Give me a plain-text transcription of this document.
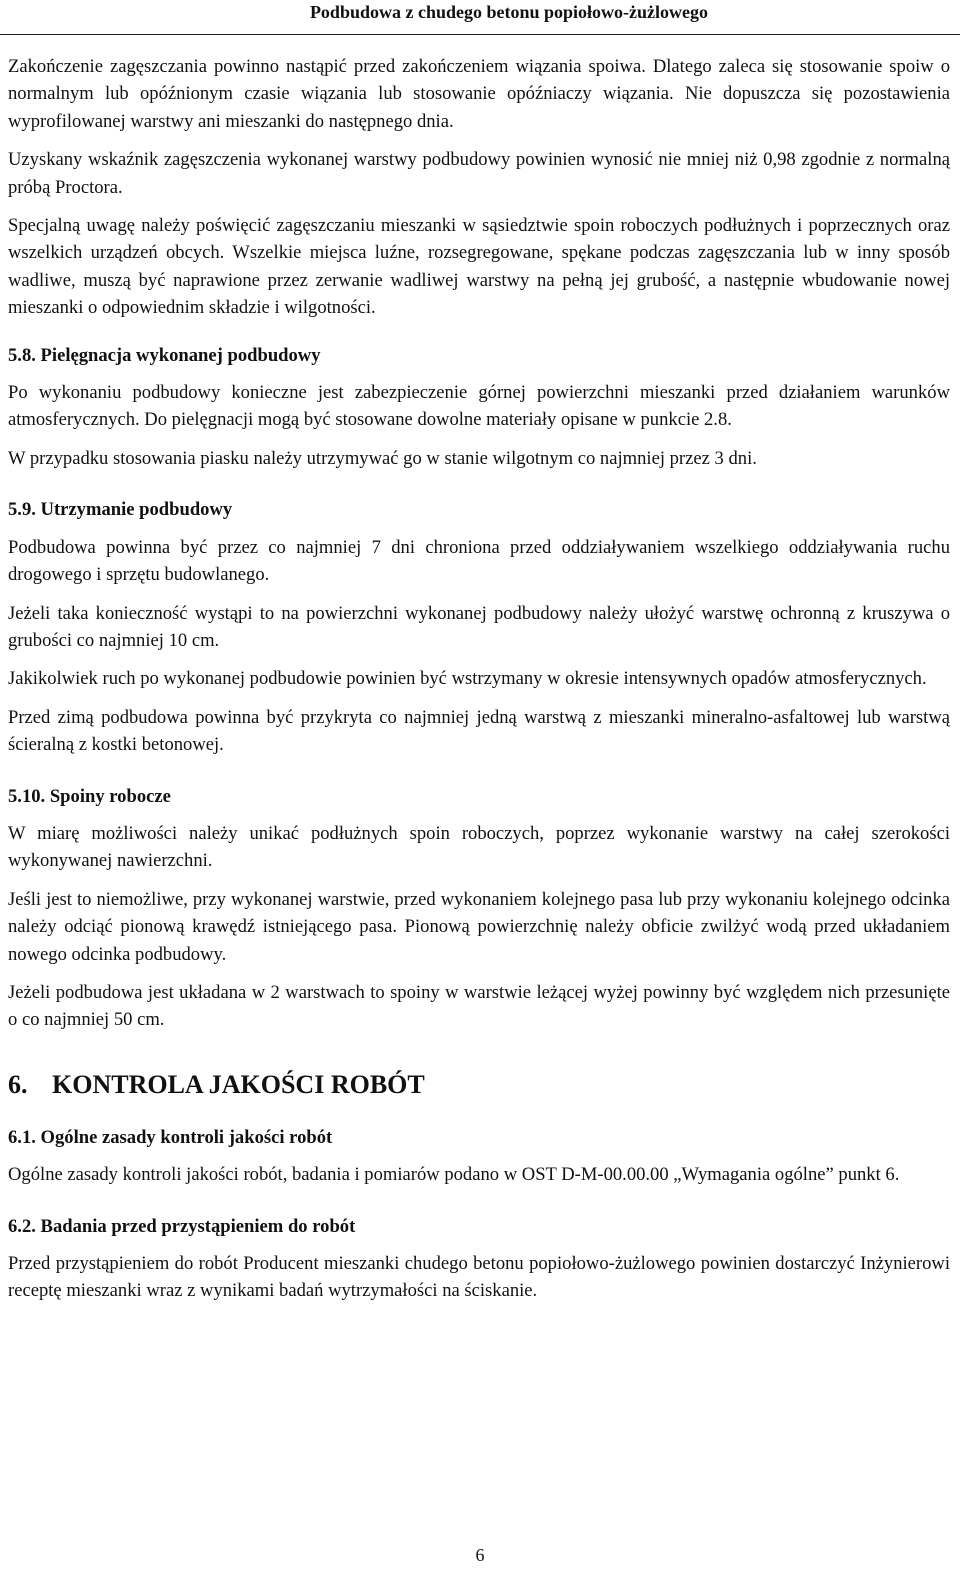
Podbudowa z chudego betonu popiołowo-żużlowego

Zakończenie zagęszczania powinno nastąpić przed zakończeniem wiązania spoiwa. Dlatego zaleca się stosowanie spoiw o normalnym lub opóźnionym czasie wiązania lub stosowanie opóźniaczy wiązania. Nie dopuszcza się pozostawienia wyprofilowanej warstwy ani mieszanki do następnego dnia.

Uzyskany wskaźnik zagęszczenia wykonanej warstwy podbudowy powinien wynosić nie mniej niż 0,98 zgodnie z normalną próbą Proctora.

Specjalną uwagę należy poświęcić zagęszczaniu mieszanki w sąsiedztwie spoin roboczych podłużnych i poprzecznych oraz wszelkich urządzeń obcych. Wszelkie miejsca luźne, rozsegregowane, spękane podczas zagęszczania lub w inny sposób wadliwe, muszą być naprawione przez zerwanie wadliwej warstwy na pełną jej grubość, a następnie wbudowanie nowej mieszanki o odpowiednim składzie i wilgotności.

5.8. Pielęgnacja wykonanej podbudowy

Po wykonaniu podbudowy konieczne jest zabezpieczenie górnej powierzchni mieszanki przed działaniem warunków atmosferycznych. Do pielęgnacji mogą być stosowane dowolne materiały opisane w punkcie 2.8.

W przypadku stosowania piasku należy utrzymywać go w stanie wilgotnym co najmniej przez 3 dni.

5.9. Utrzymanie podbudowy

Podbudowa powinna być przez co najmniej 7 dni chroniona przed oddziaływaniem wszelkiego oddziaływania ruchu drogowego i sprzętu budowlanego.

Jeżeli taka konieczność wystąpi to na powierzchni wykonanej podbudowy należy ułożyć warstwę ochronną z kruszywa o grubości co najmniej 10 cm.

Jakikolwiek ruch po wykonanej podbudowie powinien być wstrzymany w okresie intensywnych opadów atmosferycznych.

Przed zimą podbudowa powinna być przykryta co najmniej jedną warstwą z mieszanki mineralno-asfaltowej lub warstwą ścieralną z kostki betonowej.

5.10. Spoiny robocze

W miarę możliwości należy unikać podłużnych spoin roboczych, poprzez wykonanie warstwy na całej szerokości wykonywanej nawierzchni.

Jeśli jest to niemożliwe, przy wykonanej warstwie, przed wykonaniem kolejnego pasa lub przy wykonaniu kolejnego odcinka należy odciąć pionową krawędź istniejącego pasa. Pionową powierzchnię należy obficie zwilżyć wodą przed układaniem nowego odcinka podbudowy.

Jeżeli podbudowa jest układana w 2 warstwach to spoiny w warstwie leżącej wyżej powinny być względem nich przesunięte o co najmniej 50 cm.

6. KONTROLA JAKOŚCI ROBÓT
6.1. Ogólne zasady kontroli jakości robót

Ogólne zasady kontroli jakości robót, badania i pomiarów podano w OST D-M-00.00.00 „Wymagania ogólne” punkt 6.

6.2. Badania przed przystąpieniem do robót

Przed przystąpieniem do robót Producent mieszanki chudego betonu popiołowo-żużlowego powinien dostarczyć Inżynierowi receptę mieszanki wraz z wynikami badań wytrzymałości na ściskanie.

6
